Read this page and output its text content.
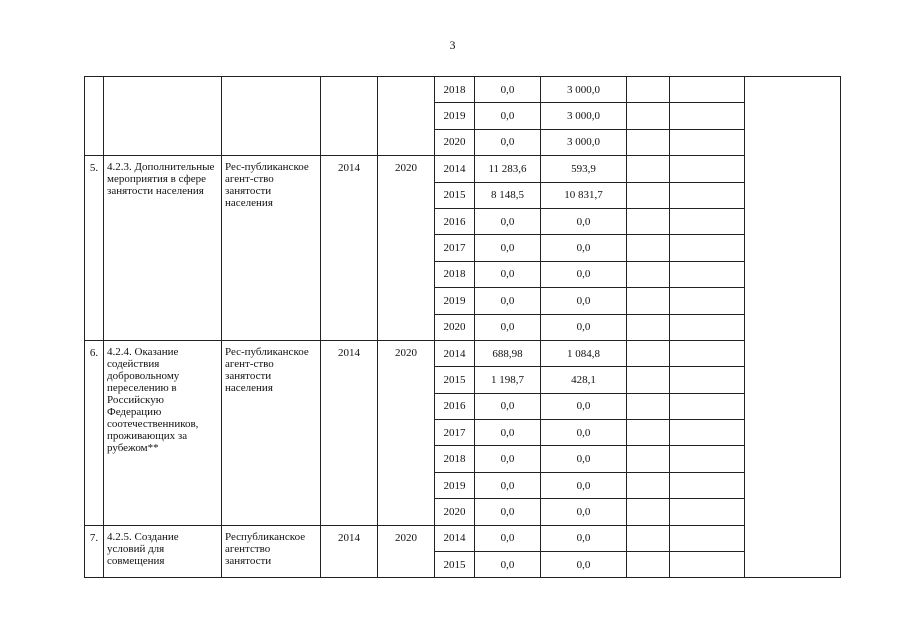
3
					2018	0,0	3 000,0			
					2019	0,0	3 000,0			
					2020	0,0	3 000,0			
5.	4.2.3. Дополнительные мероприятия в сфере занятости населения	Рес-публиканское агент-ство занятости населения	2014	2020	2014	11 283,6	593,9			
					2015	8 148,5	10 831,7			
					2016	0,0	0,0			
					2017	0,0	0,0			
					2018	0,0	0,0			
					2019	0,0	0,0			
					2020	0,0	0,0			
6.	4.2.4. Оказание содействия добровольному переселению в Российскую Федерацию соотечественников, проживающих за рубежом**	Рес-публиканское агент-ство занятости населения	2014	2020	2014	688,98	1 084,8			
					2015	1 198,7	428,1			
					2016	0,0	0,0			
					2017	0,0	0,0			
					2018	0,0	0,0			
					2019	0,0	0,0			
					2020	0,0	0,0			
7.	4.2.5. Создание условий для совмещения	Республиканское агентство занятости	2014	2020	2014	0,0	0,0			
					2015	0,0	0,0			
